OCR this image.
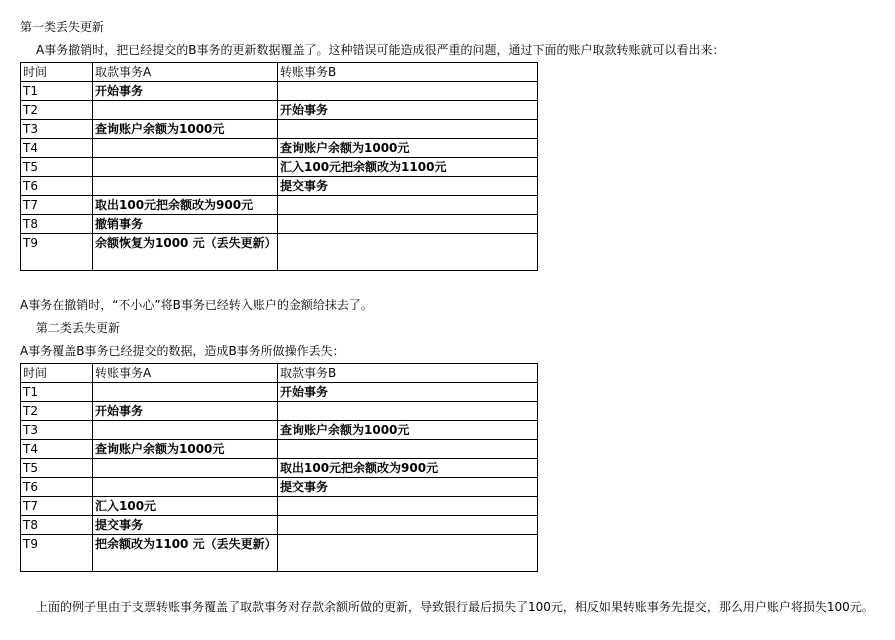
第一类丢失更新
A事务撤销时，把已经提交的B事务的更新数据覆盖了。这种错误可能造成很严重的问题，通过下面的账户取款转账就可以看出来：
时间	取款事务A	转账事务B
T1	开始事务	
T2		开始事务
T3	查询账户余额为1000元	
T4		查询账户余额为1000元
T5		汇入100元把余额改为1100元
T6		提交事务
T7	取出100元把余额改为900元	
T8	撤销事务	
T9	余额恢复为1000 元（丢失更新）	
A事务在撤销时，“不小心”将B事务已经转入账户的金额给抹去了。
第二类丢失更新
A事务覆盖B事务已经提交的数据，造成B事务所做操作丢失：
时间	转账事务A	取款事务B
T1		开始事务
T2	开始事务	
T3		查询账户余额为1000元
T4	查询账户余额为1000元	
T5		取出100元把余额改为900元
T6		提交事务
T7	汇入100元	
T8	提交事务	
T9	把余额改为1100 元（丢失更新）	
上面的例子里由于支票转账事务覆盖了取款事务对存款余额所做的更新，导致银行最后损失了100元，相反如果转账事务先提交，那么用户账户将损失100元。
